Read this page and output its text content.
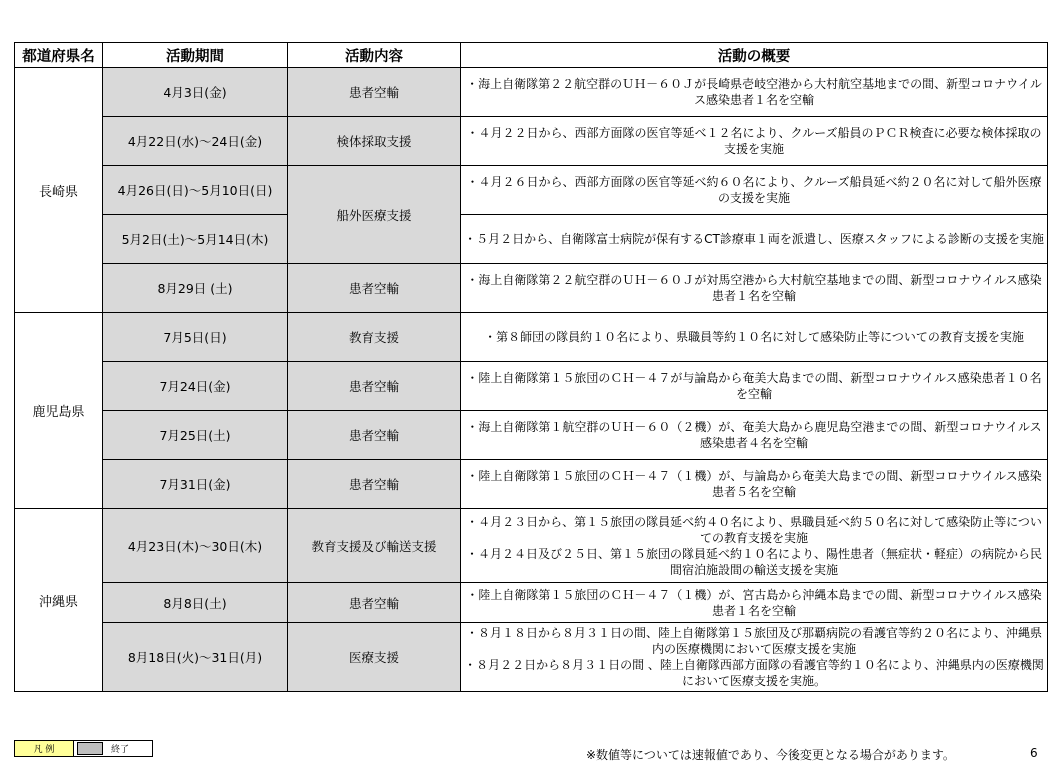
都道府県名	活動期間	活動内容	活動の概要
長崎県	4月3日(金)	患者空輸	・海上自衛隊第２２航空群のＵＨ－６０Ｊが長崎県壱岐空港から大村航空基地までの間、新型コロナウイルス感染患者１名を空輸

	4月22日(水)～24日(金)	検体採取支援	・４月２２日から、西部方面隊の医官等延べ１２名により、クルーズ船員のＰＣＲ検査に必要な検体採取の支援を実施

	4月26日(日)～5月10日(日)	船外医療支援	・４月２６日から、西部方面隊の医官等延べ約６０名により、クルーズ船員延べ約２０名に対して船外医療の支援を実施

	5月2日(土)～5月14日(木)		・５月２日から、自衛隊富士病院が保有するCT診療車１両を派遣し、医療スタッフによる診断の支援を実施

	8月29日 (土)	患者空輸	・海上自衛隊第２２航空群のＵＨ－６０Ｊが対馬空港から大村航空基地までの間、新型コロナウイルス感染患者１名を空輸

鹿児島県	7月5日(日)	教育支援	・第８師団の隊員約１０名により、県職員等約１０名に対して感染防止等についての教育支援を実施

	7月24日(金)	患者空輸	・陸上自衛隊第１５旅団のＣＨ－４７が与論島から奄美大島までの間、新型コロナウイルス感染患者１０名を空輸

	7月25日(土)	患者空輸	・海上自衛隊第１航空群のＵＨ－６０（２機）が、奄美大島から鹿児島空港までの間、新型コロナウイルス感染患者４名を空輸

	7月31日(金)	患者空輸	・陸上自衛隊第１５旅団のＣＨ－４７（１機）が、与論島から奄美大島までの間、新型コロナウイルス感染患者５名を空輸

沖縄県	4月23日(木)～30日(木)	教育支援及び輸送支援	・４月２３日から、第１５旅団の隊員延べ約４０名により、県職員延べ約５０名に対して感染防止等についての教育支援を実施
・４月２４日及び２５日、第１５旅団の隊員延べ約１０名により、陽性患者（無症状・軽症）の病院から民間宿泊施設間の輸送支援を実施

	8月8日(土)	患者空輸	・陸上自衛隊第１５旅団のＣＨ－４７（１機）が、宮古島から沖縄本島までの間、新型コロナウイルス感染患者１名を空輸

	8月18日(火)～31日(月)	医療支援	・８月１８日から８月３１日の間、陸上自衛隊第１５旅団及び那覇病院の看護官等約２０名により、沖縄県内の医療機関において医療支援を実施
・８月２２日から８月３１日の間 、陸上自衛隊西部方面隊の看護官等約１０名により、沖縄県内の医療機関において医療支援を実施。
凡 例	終了	※数値等については速報値であり、今後変更となる場合があります。	6
